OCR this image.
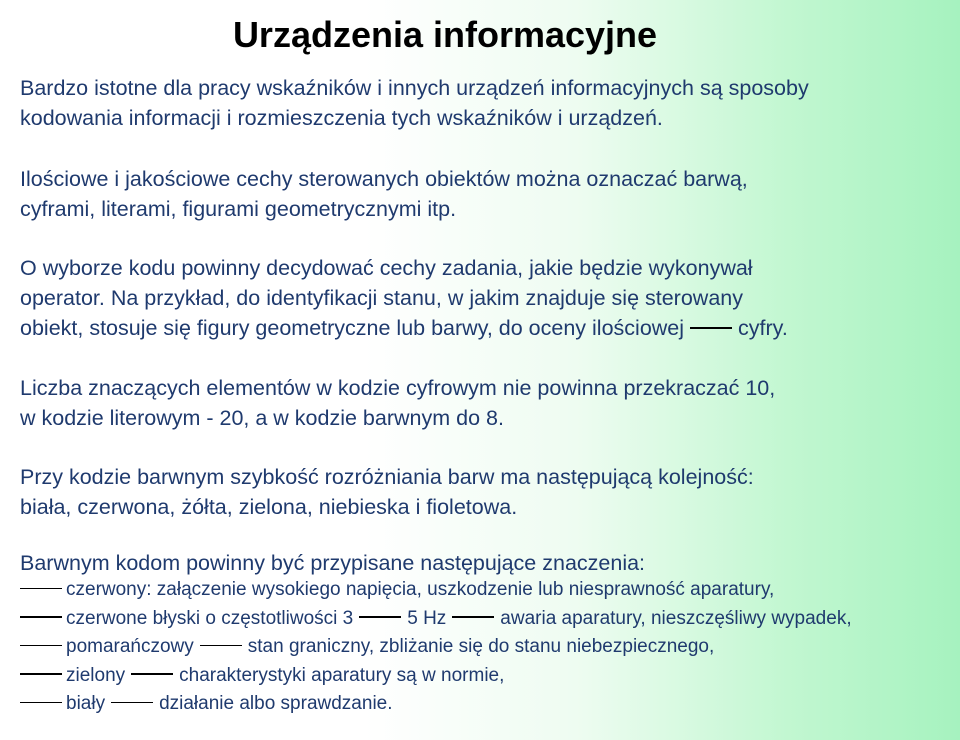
Urządzenia informacyjne

Bardzo istotne dla pracy wskaźników i innych urządzeń informacyjnych są sposoby
kodowania informacji i rozmieszczenia tych wskaźników i urządzeń.

Ilościowe i jakościowe cechy sterowanych obiektów można oznaczać barwą,
cyframi, literami, figurami geometrycznymi itp.

O wyborze kodu powinny decydować cechy zadania, jakie będzie wykonywał
operator. Na przykład, do identyfikacji stanu, w jakim znajduje się sterowany
obiekt, stosuje się figury geometryczne lub barwy, do oceny ilościowej	cyfry.

Liczba znaczących elementów w kodzie cyfrowym nie powinna przekraczać 10,
w kodzie literowym - 20, a w kodzie barwnym do 8.

Przy kodzie barwnym szybkość rozróżniania barw ma następującą kolejność:
biała, czerwona, żółta, zielona, niebieska i fioletowa.

Barwnym kodom powinny być przypisane następujące znaczenia:

czerwony: załączenie wysokiego napięcia, uszkodzenie lub niesprawność aparatury,
czerwone błyski o częstotliwości 3	5 Hz	awaria aparatury, nieszczęśliwy wypadek,
pomarańczowy	stan graniczny, zbliżanie się do stanu niebezpiecznego,
zielony	charakterystyki aparatury są w normie,
biały	działanie albo sprawdzanie.
